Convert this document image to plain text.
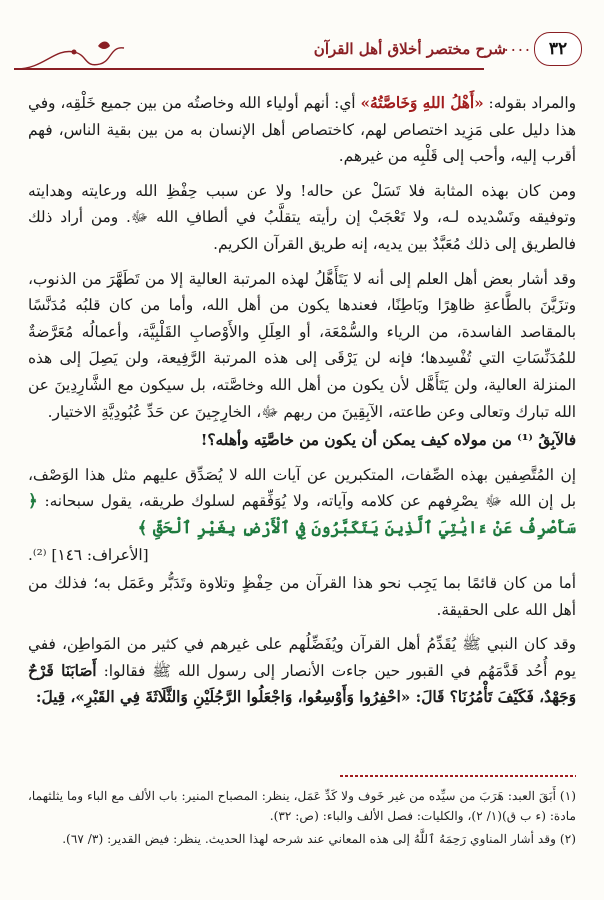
شرح مختصر أخلاق أهل القرآن
.... ٣٢

والمراد بقوله: «أَهْلُ اللهِ وَخَاصَّتُهُ» أي: أنهم أولياء الله وخاصتُه من بين جميع خَلْقِه، وفي هذا دليل على مَزِيد اختصاص لهم، كاختصاص أهل الإنسان به من بين بقية الناس، فهم أقرب إليه، وأحب إلى قَلْبِه من غيرهم.

ومن كان بهذه المثابة فلا تَسَلْ عن حاله! ولا عن سبب حِفْظِ الله ورعايته وهدايته وتوفيقه وتَسْديده لـه، ولا تَعْجَبْ إن رأيته يتقلَّبُ في ألطافِ الله ﷻ. ومن أراد ذلك فالطريق إلى ذلك مُعَبَّدٌ بين يديه، إنه طريق القرآن الكريم.

وقد أشار بعض أهل العلم إلى أنه لا يَتَأَهَّلُ لهذه المرتبة العالية إلا من تَطَهَّرَ من الذنوب، وتزَيَّنَ بالطَّاعةِ ظاهِرًا وبَاطِنًا، فعندها يكون من أهل الله، وأما من كان قلبُه مُدَنَّسًا بالمقاصد الفاسدة، من الرياء والسُّمْعَة، أو العِلَلِ والأَوْصابِ القَلْبِيَّة، وأعمالُه مُعَرَّضةٌ للمُدَنِّسَاتِ التي تُفْسِدها؛ فإنه لن يَرْقَى إلى هذه المرتبة الرَّفِيعة، ولن يَصِلَ إلى هذه المنزلة العالية، ولن يَتَأَهَّل لأن يكون من أهل الله وخاصَّته، بل سيكون مع الشَّارِدِينَ عن الله تبارك وتعالى وعن طاعته، الآبِقِينَ من ربهم ﷻ، الخارِجِينَ عن حَدِّ عُبُودِيَّةِ الاختيار.

فالآبِقُ ⁽¹⁾ من مولاه كيف يمكن أن يكون من خاصَّتِه وأهله؟!

إن المُتَّصِفين بهذه الصِّفات، المتكبرين عن آيات الله لا يُصَدِّق عليهم مثل هذا الوَصْف، بل إن الله ﷻ يصْرِفهم عن كلامه وآياته، ولا يُوَفِّقهم لسلوك طريقه، يقول سبحانه: ﴿ سَأَصْرِفُ عَنْ ءَايَٰتِيَ ٱلَّذِينَ يَتَكَبَّرُونَ فِي ٱلْأَرْضِ بِغَيْرِ ٱلْحَقِّ ﴾
[الأعراف: ١٤٦] ⁽²⁾.

أما من كان قائمًا بما يَجِب نحو هذا القرآن من حِفْظٍ وتلاوة وتَدَبُّر وعَمَل به؛ فذلك من أهل الله على الحقيقة.

وقد كان النبي ﷺ يُقَدِّمُ أهل القرآن ويُفَضِّلُهم على غيرهم في كثير من المَواطِن، ففي يوم أُحُد قَدَّمَهُم في القبور حين جاءت الأنصار إلى رسول الله ﷺ فقالوا: أَصَابَنَا قَرْحٌ وَجَهْدٌ، فَكَيْفَ تَأْمُرُنَا؟ قَالَ: «احْفِرُوا وَأَوْسِعُوا، وَاجْعَلُوا الرَّجُلَيْنِ وَالثَّلَاثَةَ فِي القَبْرِ»، قِيلَ:

(١) أَبَقَ العبد: هَرَبَ من سيِّده من غير خَوف ولا كَدِّ عَمَل، ينظر: المصباح المنير: باب الألف مع الباء وما يثلثهما، مادة: (ء ب ق)(١/ ٢)، والكليات: فصل الألف والباء: (ص: ٣٢).

(٢) وقد أشار المناوي رَحِمَهُ ٱللَّهُ إلى هذه المعاني عند شرحه لهذا الحديث. ينظر: فيض القدير: (٣/ ٦٧).
